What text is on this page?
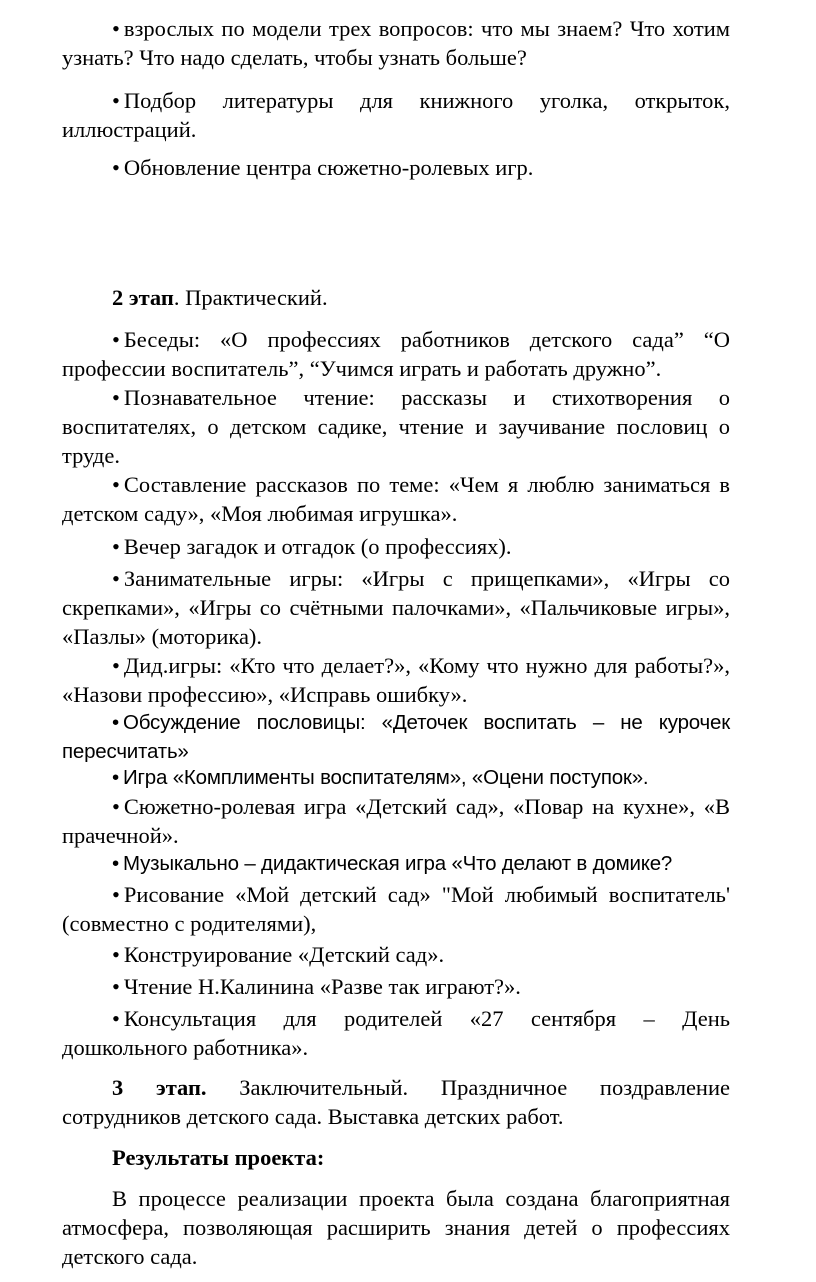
• взрослых по модели трех вопросов: что мы знаем? Что хотим узнать? Что надо сделать, чтобы узнать больше?

• Подбор литературы для книжного уголка, открыток, иллюстраций.

• Обновление центра сюжетно-ролевых игр.

2 этап. Практический.

• Беседы: «О профессиях работников детского сада” “О профессии воспитатель”, “Учимся играть и работать дружно”.

• Познавательное чтение: рассказы и стихотворения о воспитателях, о детском садике, чтение и заучивание пословиц о труде.

• Составление рассказов по теме: «Чем я люблю заниматься в детском саду», «Моя любимая игрушка».

• Вечер загадок и отгадок (о профессиях).

• Занимательные игры: «Игры с прищепками», «Игры со скрепками», «Игры со счётными палочками», «Пальчиковые игры», «Пазлы» (моторика).

• Дид.игры: «Кто что делает?», «Кому что нужно для работы?», «Назови профессию», «Исправь ошибку».

• Обсуждение пословицы: «Деточек воспитать – не курочек пересчитать»

• Игра «Комплименты воспитателям», «Оцени поступок».

• Сюжетно-ролевая игра «Детский сад», «Повар на кухне», «В прачечной».

• Музыкально – дидактическая игра «Что делают в домике?

• Рисование «Мой детский сад» "Мой любимый воспитатель' (совместно с родителями),

• Конструирование «Детский сад».

• Чтение Н.Калинина «Разве так играют?».

• Консультация для родителей «27 сентября – День дошкольного работника».

3 этап. Заключительный. Праздничное поздравление сотрудников детского сада. Выставка детских работ.

Результаты проекта:

В процессе реализации проекта была создана благоприятная атмосфера, позволяющая расширить знания детей о профессиях детского сада.
